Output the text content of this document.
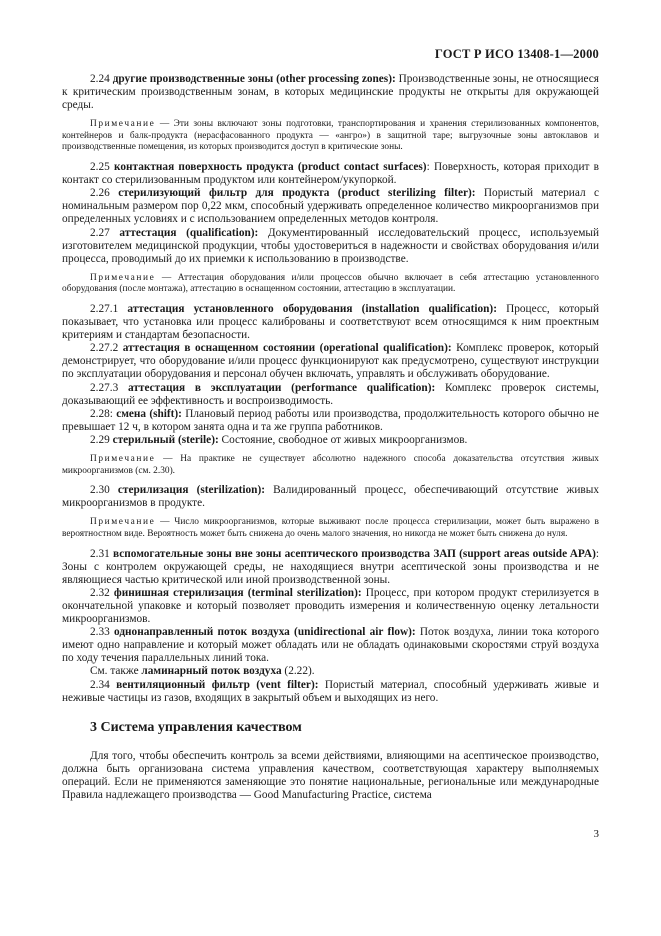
ГОСТ Р ИСО 13408-1—2000

2.24 другие производственные зоны (other processing zones): Производственные зоны, не относящиеся к критическим производственным зонам, в которых медицинские продукты не открыты для окружающей среды.

Примечание — Эти зоны включают зоны подготовки, транспортирования и хранения стерилизованных компонентов, контейнеров и балк-продукта (нерасфасованного продукта — «ангро») в защитной таре; выгрузочные зоны автоклавов и производственные помещения, из которых производится доступ в критические зоны.

2.25 контактная поверхность продукта (product contact surfaces): Поверхность, которая приходит в контакт со стерилизованным продуктом или контейнером/укупоркой.

2.26 стерилизующий фильтр для продукта (product sterilizing filter): Пористый материал с номинальным размером пор 0,22 мкм, способный удерживать определенное количество микроорганизмов при определенных условиях и с использованием определенных методов контроля.

2.27 аттестация (qualification): Документированный исследовательский процесс, используемый изготовителем медицинской продукции, чтобы удостовериться в надежности и свойствах оборудования и/или процесса, проводимый до их приемки к использованию в производстве.

Примечание — Аттестация оборудования и/или процессов обычно включает в себя аттестацию установленного оборудования (после монтажа), аттестацию в оснащенном состоянии, аттестацию в эксплуатации.

2.27.1 аттестация установленного оборудования (installation qualification): Процесс, который показывает, что установка или процесс калиброваны и соответствуют всем относящимся к ним проектным критериям и стандартам безопасности.

2.27.2 аттестация в оснащенном состоянии (operational qualification): Комплекс проверок, который демонстрирует, что оборудование и/или процесс функционируют как предусмотрено, существуют инструкции по эксплуатации оборудования и персонал обучен включать, управлять и обслуживать оборудование.

2.27.3 аттестация в эксплуатации (performance qualification): Комплекс проверок системы, доказывающий ее эффективность и воспроизводимость.

2.28: смена (shift): Плановый период работы или производства, продолжительность которого обычно не превышает 12 ч, в котором занята одна и та же группа работников.

2.29 стерильный (sterile): Состояние, свободное от живых микроорганизмов.

Примечание — На практике не существует абсолютно надежного способа доказательства отсутствия живых микроорганизмов (см. 2.30).

2.30 стерилизация (sterilization): Валидированный процесс, обеспечивающий отсутствие живых микроорганизмов в продукте.

Примечание — Число микроорганизмов, которые выживают после процесса стерилизации, может быть выражено в вероятностном виде. Вероятность может быть снижена до очень малого значения, но никогда не может быть снижена до нуля.

2.31 вспомогательные зоны вне зоны асептического производства ЗАП (support areas outside APA): Зоны с контролем окружающей среды, не находящиеся внутри асептической зоны производства и не являющиеся частью критической или иной производственной зоны.

2.32 финишная стерилизация (terminal sterilization): Процесс, при котором продукт стерилизуется в окончательной упаковке и который позволяет проводить измерения и количественную оценку летальности микроорганизмов.

2.33 однонаправленный поток воздуха (unidirectional air flow): Поток воздуха, линии тока которого имеют одно направление и который может обладать или не обладать одинаковыми скоростями струй воздуха по ходу течения параллельных линий тока.

См. также ламинарный поток воздуха (2.22).

2.34 вентиляционный фильтр (vent filter): Пористый материал, способный удерживать живые и неживые частицы из газов, входящих в закрытый объем и выходящих из него.

3 Система управления качеством

Для того, чтобы обеспечить контроль за всеми действиями, влияющими на асептическое производство, должна быть организована система управления качеством, соответствующая характеру выполняемых операций. Если не применяются заменяющие это понятие национальные, региональные или международные Правила надлежащего производства — Good Manufacturing Practice, система

3
